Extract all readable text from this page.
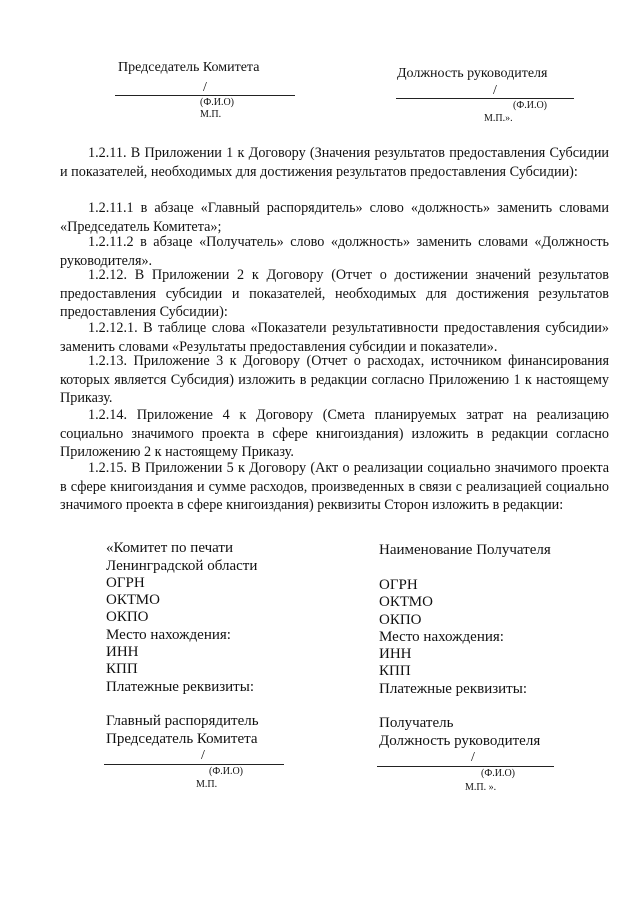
Председатель Комитета
/
(Ф.И.О)
М.П.
Должность руководителя
/
(Ф.И.О)
М.П.».
1.2.11. В Приложении 1 к Договору (Значения результатов предоставления Субсидии и показателей, необходимых для достижения результатов предоставления Субсидии):
1.2.11.1 в абзаце «Главный распорядитель» слово «должность» заменить словами «Председатель Комитета»;
1.2.11.2 в абзаце «Получатель» слово «должность» заменить словами «Должность руководителя».
1.2.12. В Приложении 2 к Договору (Отчет о достижении значений результатов предоставления субсидии и показателей, необходимых для достижения результатов предоставления Субсидии):
1.2.12.1. В таблице слова «Показатели результативности предоставления субсидии» заменить словами «Результаты предоставления субсидии и показатели».
1.2.13. Приложение 3 к Договору (Отчет о расходах, источником финансирования которых является Субсидия) изложить в редакции согласно Приложению 1 к настоящему Приказу.
1.2.14. Приложение 4 к Договору (Смета планируемых затрат на реализацию социально значимого проекта в сфере книгоиздания) изложить в редакции согласно Приложению 2 к настоящему Приказу.
1.2.15. В Приложении 5 к Договору (Акт о реализации социально значимого проекта в сфере книгоиздания и сумме расходов, произведенных в связи с реализацией социально значимого проекта в сфере книгоиздания) реквизиты Сторон изложить в редакции:
«Комитет по печати
Ленинградской области
ОГРН
ОКТМО
ОКПО
Место нахождения:
ИНН
КПП
Платежные реквизиты:
Главный распорядитель
Председатель Комитета
/
(Ф.И.О)
М.П.
Наименование Получателя
ОГРН
ОКТМО
ОКПО
Место нахождения:
ИНН
КПП
Платежные реквизиты:
Получатель
Должность руководителя
/
(Ф.И.О)
М.П. ».
